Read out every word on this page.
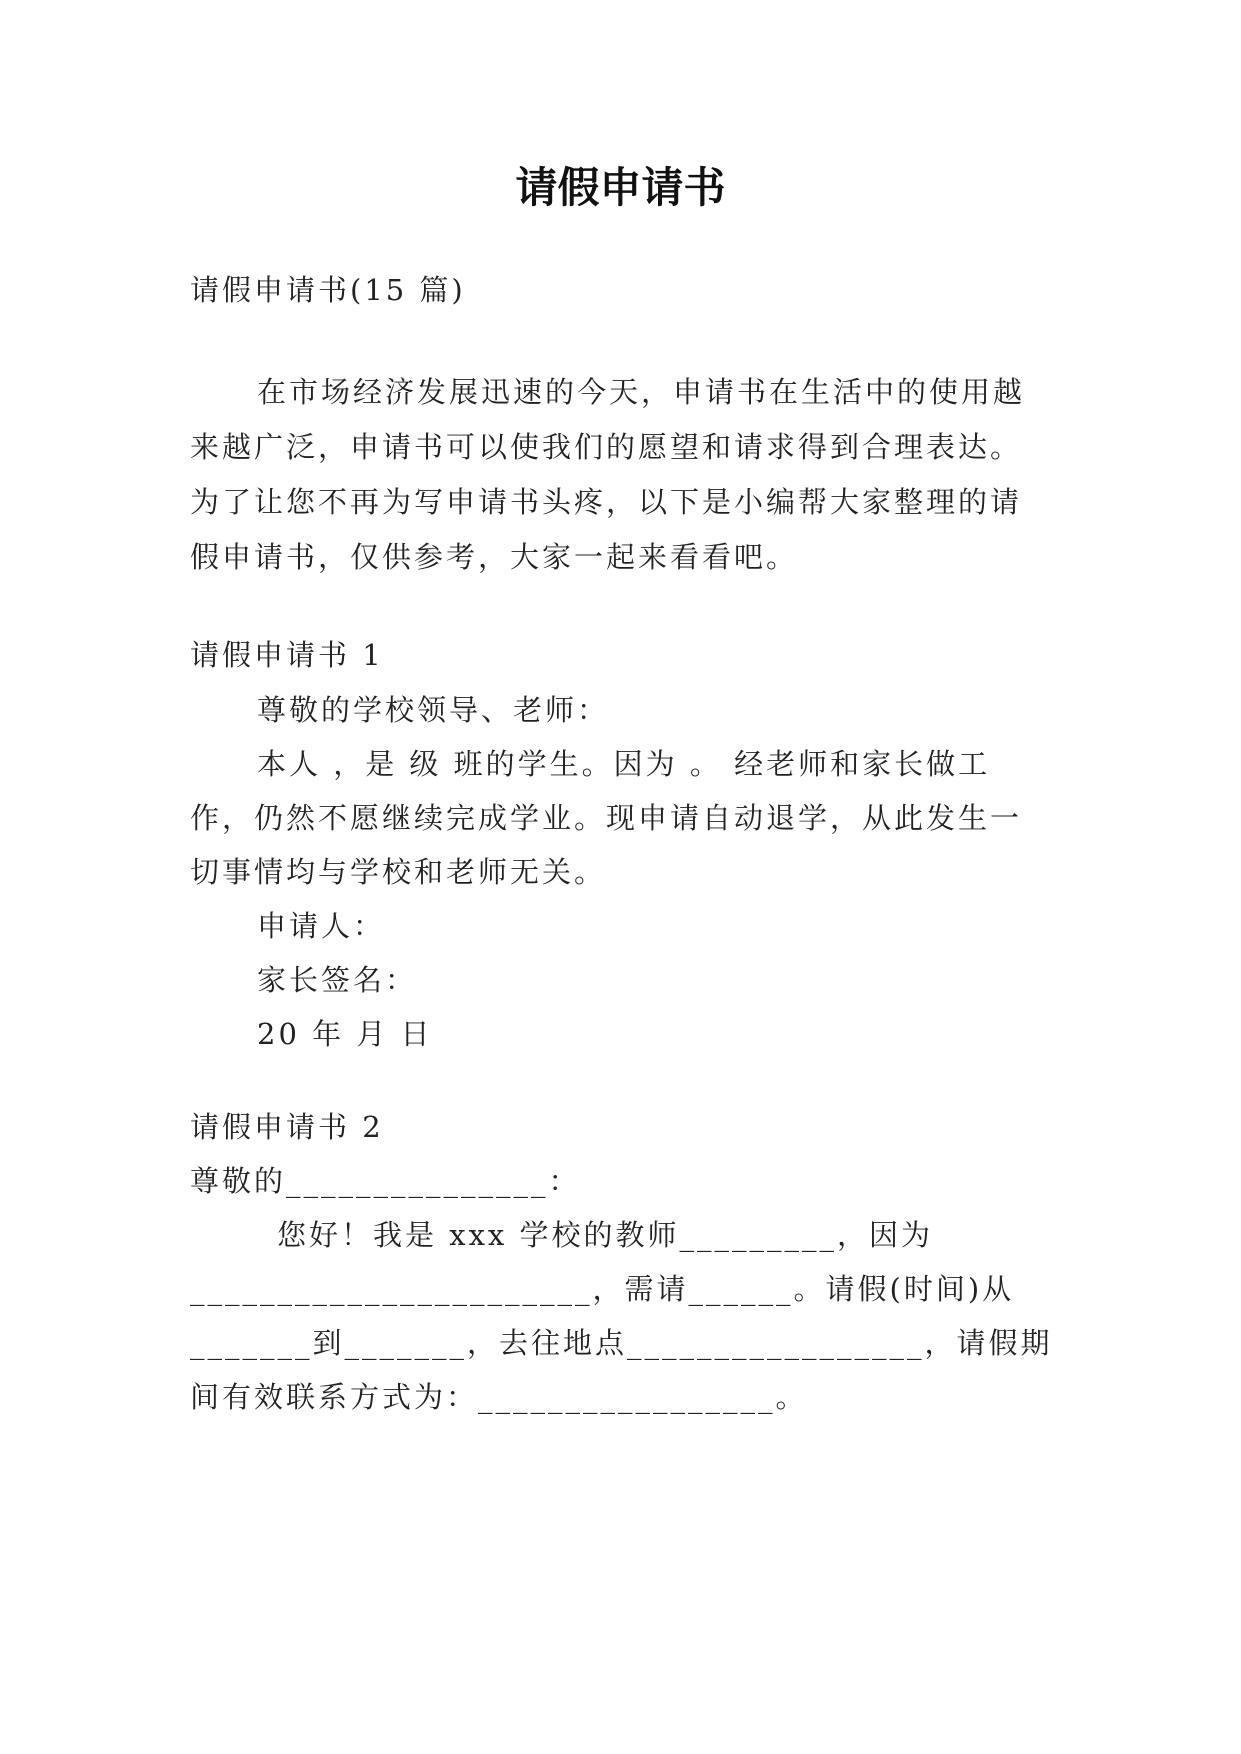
请假申请书
请假申请书(15 篇)
在市场经济发展迅速的今天，申请书在生活中的使用越
来越广泛，申请书可以使我们的愿望和请求得到合理表达。
为了让您不再为写申请书头疼，以下是小编帮大家整理的请
假申请书，仅供参考，大家一起来看看吧。
请假申请书 1
尊敬的学校领导、老师：
本人 ，是 级 班的学生。因为 。 经老师和家长做工
作，仍然不愿继续完成学业。现申请自动退学，从此发生一
切事情均与学校和老师无关。
申请人：
家长签名：
20 年 月 日
请假申请书 2
尊敬的_______________：
您好！我是 xxx 学校的教师_________，因为
_______________________，需请______。请假(时间)从
_______到_______，去往地点_________________，请假期
间有效联系方式为：_________________。
